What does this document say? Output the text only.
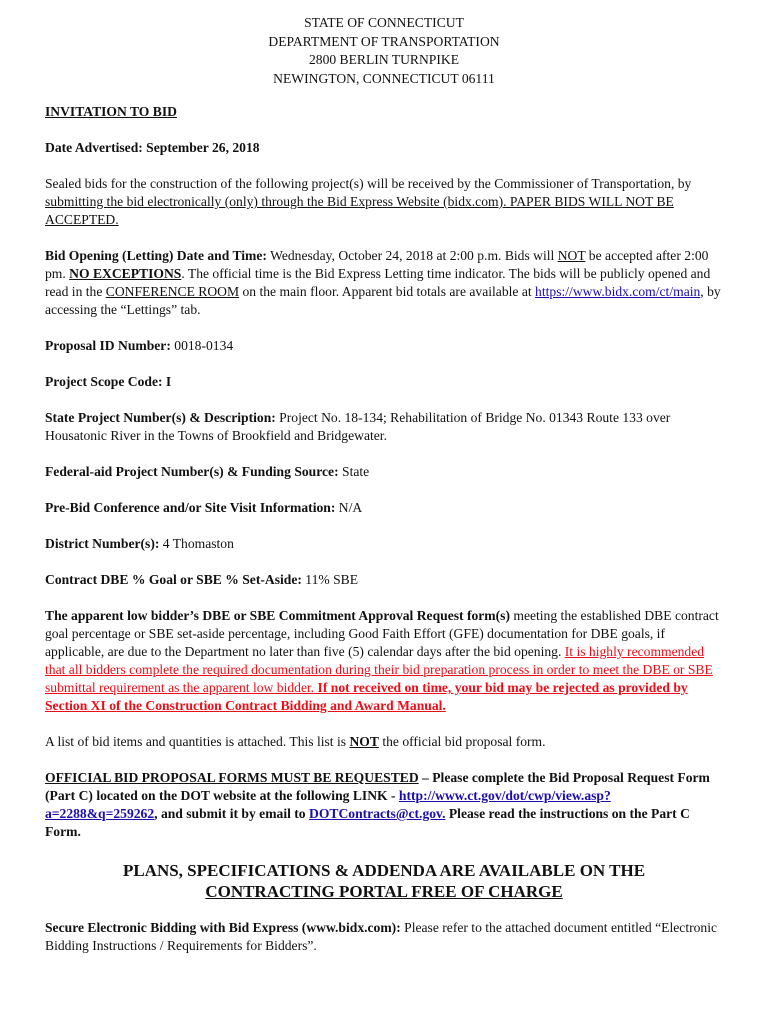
STATE OF CONNECTICUT
DEPARTMENT OF TRANSPORTATION
2800 BERLIN TURNPIKE
NEWINGTON, CONNECTICUT 06111
INVITATION TO BID

Date Advertised: September 26, 2018

Sealed bids for the construction of the following project(s) will be received by the Commissioner of Transportation, by submitting the bid electronically (only) through the Bid Express Website (bidx.com). PAPER BIDS WILL NOT BE ACCEPTED.

Bid Opening (Letting) Date and Time: Wednesday, October 24, 2018 at 2:00 p.m. Bids will NOT be accepted after 2:00 pm. NO EXCEPTIONS. The official time is the Bid Express Letting time indicator. The bids will be publicly opened and read in the CONFERENCE ROOM on the main floor. Apparent bid totals are available at https://www.bidx.com/ct/main, by accessing the “Lettings” tab.

Proposal ID Number: 0018-0134

Project Scope Code: I

State Project Number(s) & Description: Project No. 18-134; Rehabilitation of Bridge No. 01343 Route 133 over Housatonic River in the Towns of Brookfield and Bridgewater.

Federal-aid Project Number(s) & Funding Source: State

Pre-Bid Conference and/or Site Visit Information: N/A

District Number(s): 4 Thomaston

Contract DBE % Goal or SBE % Set-Aside: 11% SBE

The apparent low bidder’s DBE or SBE Commitment Approval Request form(s) meeting the established DBE contract goal percentage or SBE set-aside percentage, including Good Faith Effort (GFE) documentation for DBE goals, if applicable, are due to the Department no later than five (5) calendar days after the bid opening. It is highly recommended that all bidders complete the required documentation during their bid preparation process in order to meet the DBE or SBE submittal requirement as the apparent low bidder. If not received on time, your bid may be rejected as provided by Section XI of the Construction Contract Bidding and Award Manual.

A list of bid items and quantities is attached. This list is NOT the official bid proposal form.

OFFICIAL BID PROPOSAL FORMS MUST BE REQUESTED – Please complete the Bid Proposal Request Form (Part C) located on the DOT website at the following LINK - http://www.ct.gov/dot/cwp/view.asp?a=2288&q=259262, and submit it by email to DOTContracts@ct.gov. Please read the instructions on the Part C Form.

PLANS, SPECIFICATIONS & ADDENDA ARE AVAILABLE ON THE
CONTRACTING PORTAL FREE OF CHARGE

Secure Electronic Bidding with Bid Express (www.bidx.com): Please refer to the attached document entitled “Electronic Bidding Instructions / Requirements for Bidders”.
